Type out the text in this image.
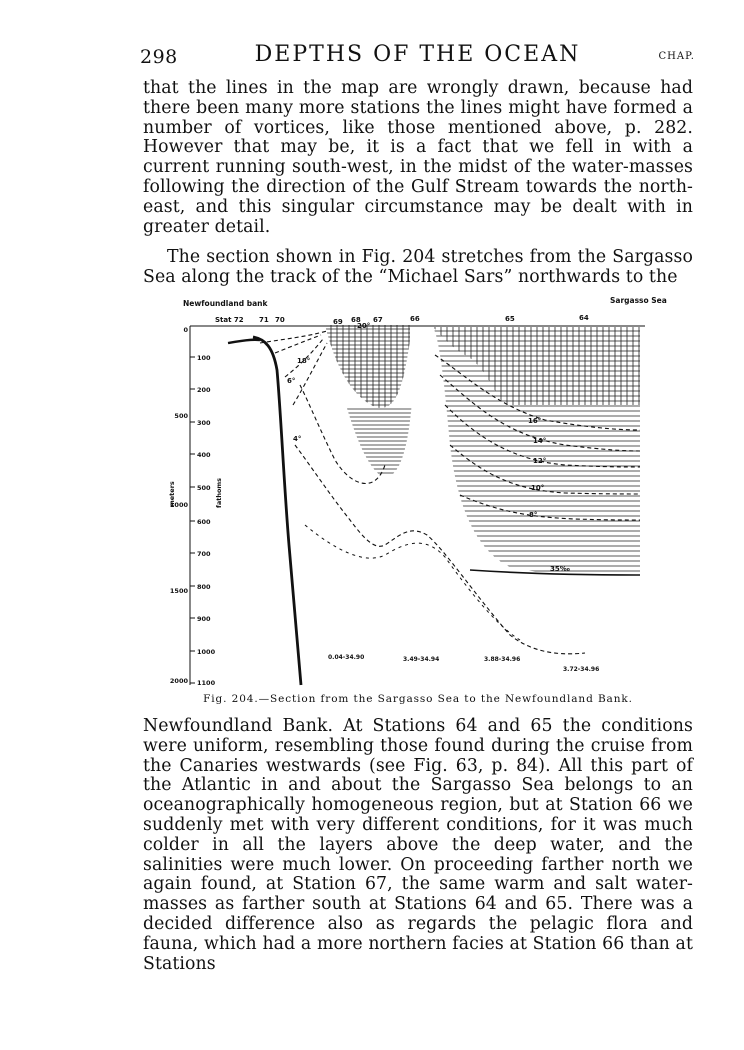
298	DEPTHS OF THE OCEAN	CHAP.

that the lines in the map are wrongly drawn, because had there been many more stations the lines might have formed a number of vortices, like those mentioned above, p. 282. However that may be, it is a fact that we fell in with a current running south-west, in the midst of the water-masses following the direction of the Gulf Stream towards the north-east, and this singular circumstance may be dealt with in greater detail.

The section shown in Fig. 204 stretches from the Sargasso Sea along the track of the “Michael Sars” northwards to the

Newfoundland bank	Sargasso Sea
Stat 72 71 70	69 68 67	66	65	64
100
200
300
400
500
600
700
800
900
1000
1100
0
500
1000
1500
2000
meters	fathoms
20°
18°
16°
14°
12°
10°
8°
6°
4°
35‰
0.04-34.90	3.49-34.94	3.88-34.96
3.72-34.96
Fig. 204.—Section from the Sargasso Sea to the Newfoundland Bank.

Newfoundland Bank. At Stations 64 and 65 the conditions were uniform, resembling those found during the cruise from the Canaries westwards (see Fig. 63, p. 84). All this part of the Atlantic in and about the Sargasso Sea belongs to an oceanographically homogeneous region, but at Station 66 we suddenly met with very different conditions, for it was much colder in all the layers above the deep water, and the salinities were much lower. On proceeding farther north we again found, at Station 67, the same warm and salt water-masses as farther south at Stations 64 and 65. There was a decided difference also as regards the pelagic flora and fauna, which had a more northern facies at Station 66 than at Stations
